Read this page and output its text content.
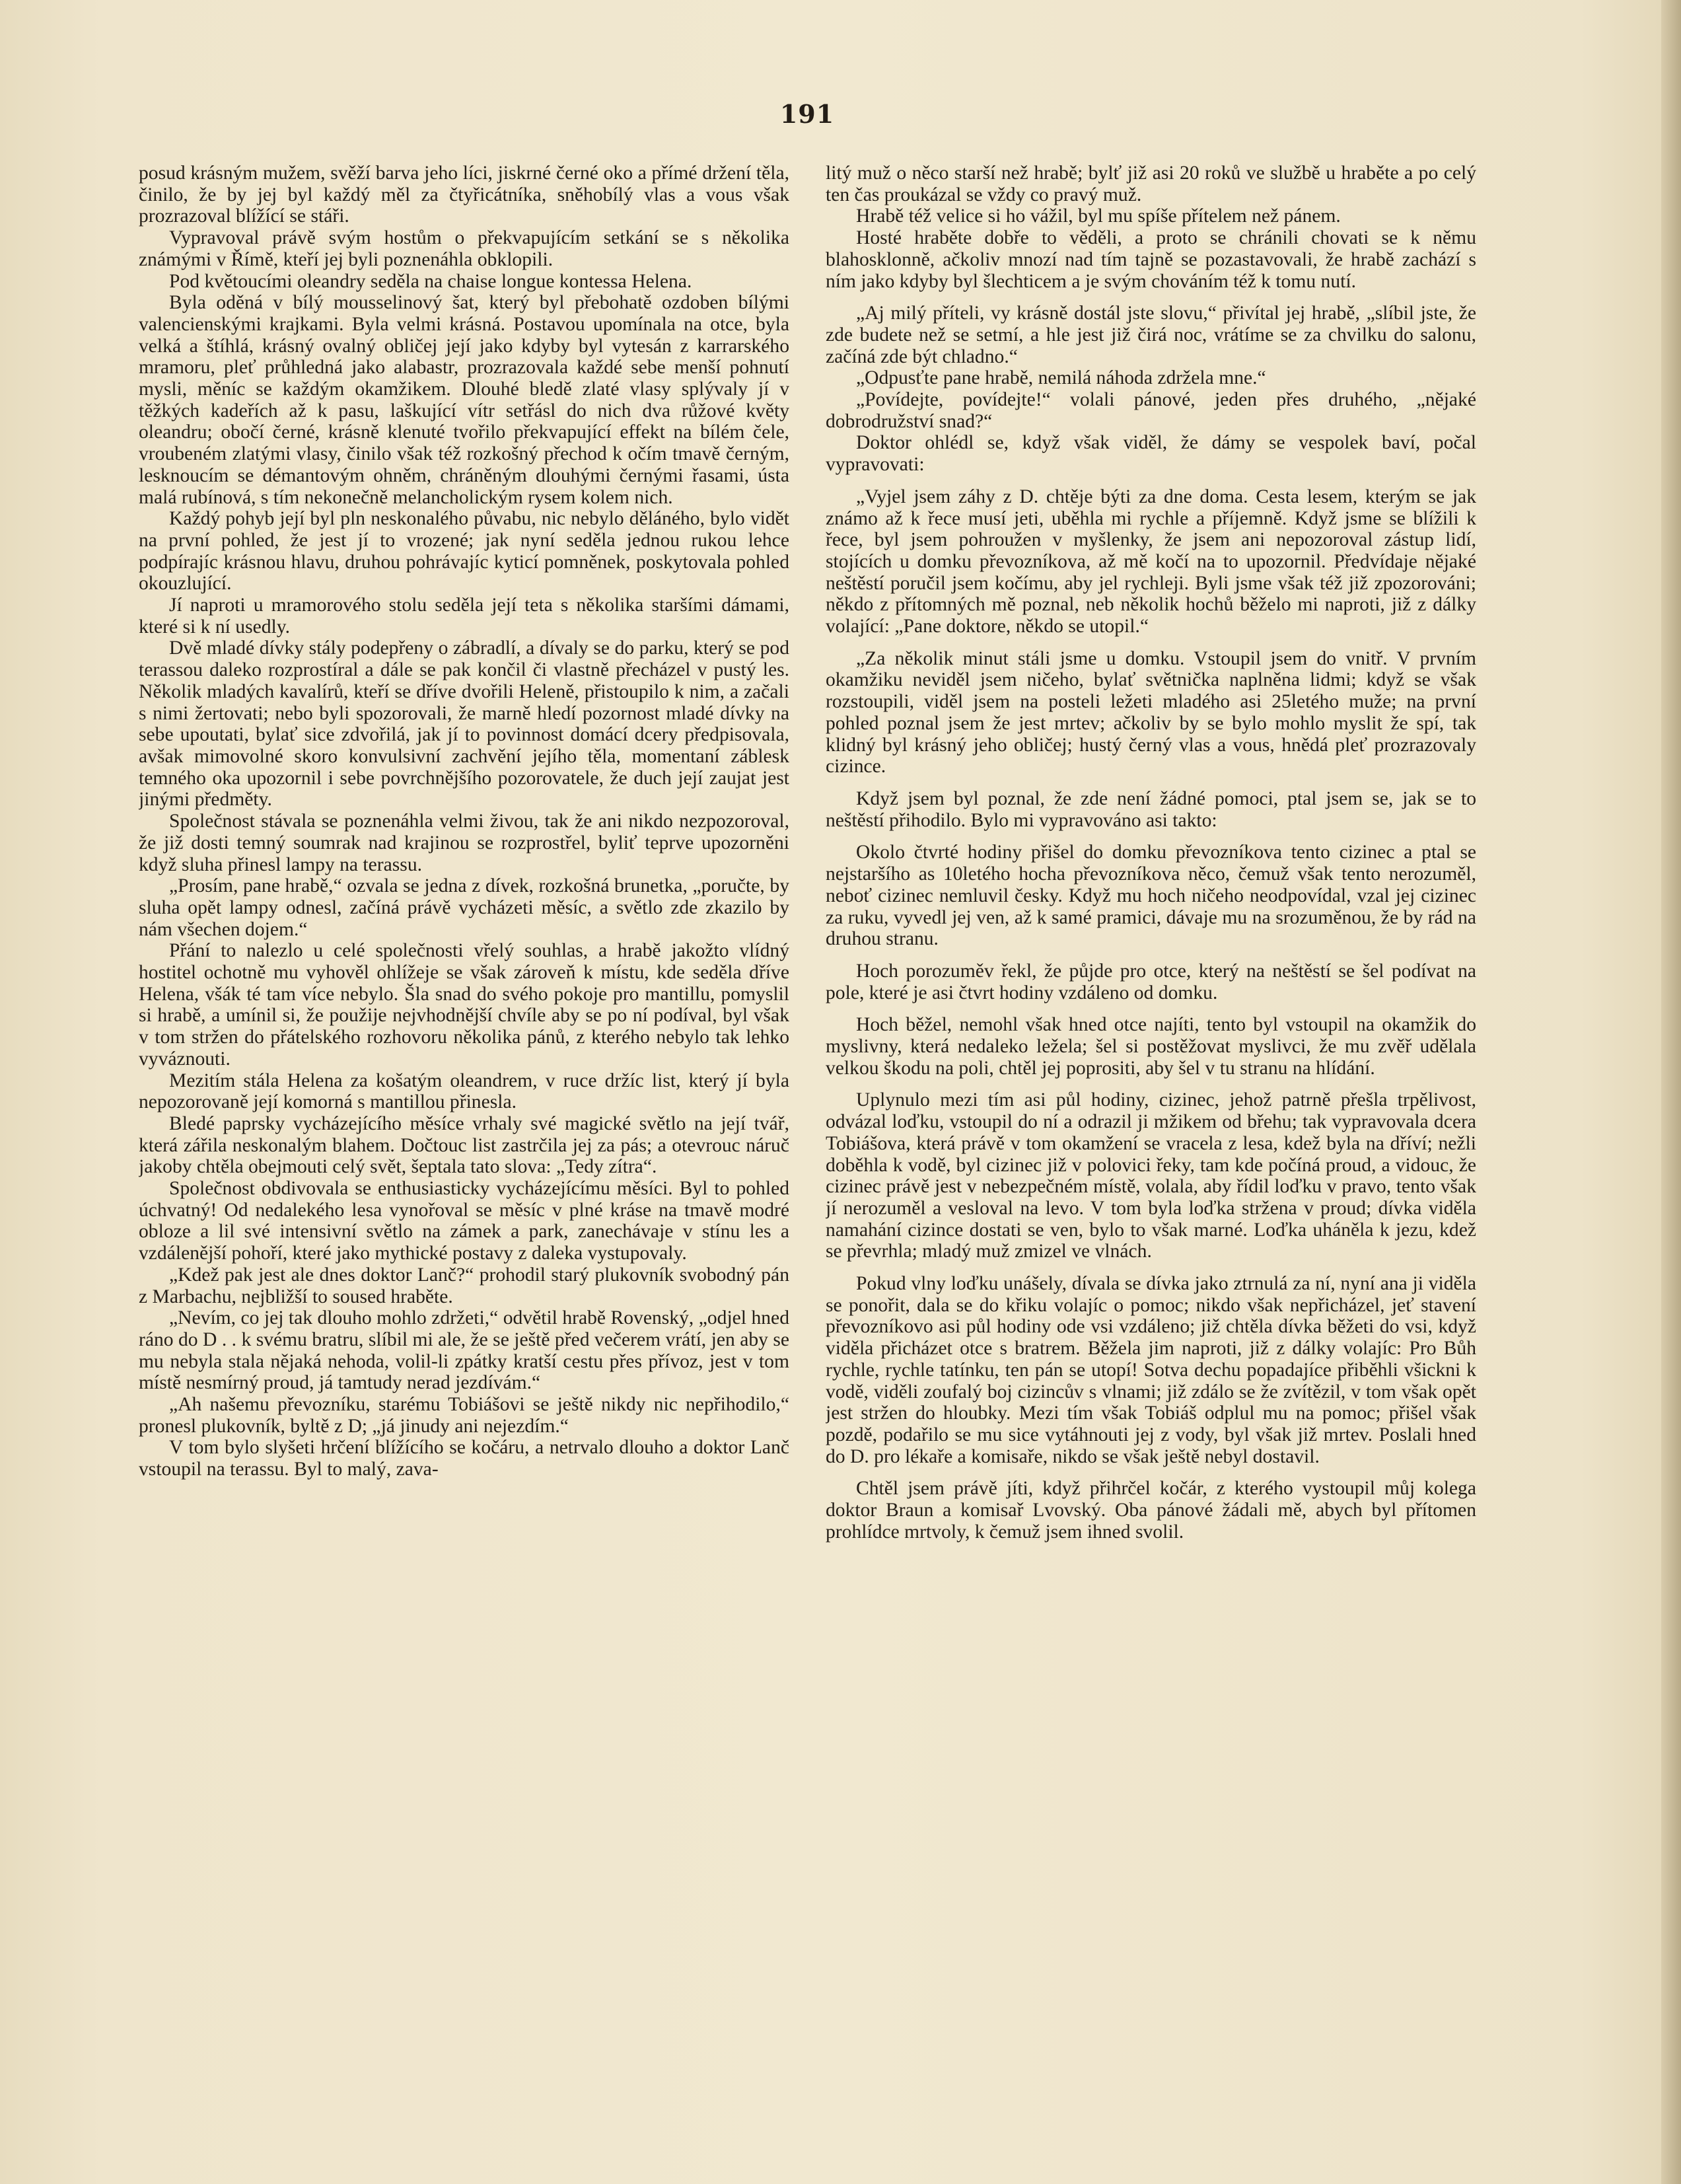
191

posud krásným mužem, svěží barva jeho líci, jiskrné černé oko a přímé držení těla, činilo, že by jej byl každý měl za čtyřicátníka, sněhobílý vlas a vous však prozrazoval blížící se stáři.

Vypravoval právě svým hostům o překvapujícím setkání se s několika známými v Římě, kteří jej byli poznenáhla obklopili.

Pod květoucími oleandry seděla na chaise longue kontessa Helena.

Byla oděná v bílý mousselinový šat, který byl přebohatě ozdoben bílými valencienskými krajkami. Byla velmi krásná. Postavou upomínala na otce, byla velká a štíhlá, krásný ovalný obličej její jako kdyby byl vytesán z karrarského mramoru, pleť průhledná jako alabastr, prozrazovala každé sebe menší pohnutí mysli, měníc se každým okamžikem. Dlouhé bledě zlaté vlasy splývaly jí v těžkých kadeřích až k pasu, laškující vítr setřásl do nich dva růžové květy oleandru; obočí černé, krásně klenuté tvořilo překvapující effekt na bílém čele, vroubeném zlatými vlasy, činilo však též rozkošný přechod k očím tmavě černým, lesknoucím se démantovým ohněm, chráněným dlouhými černými řasami, ústa malá rubínová, s tím nekonečně melancholickým rysem kolem nich.

Každý pohyb její byl pln neskonalého půvabu, nic nebylo děláného, bylo vidět na první pohled, že jest jí to vrozené; jak nyní seděla jednou rukou lehce podpírajíc krásnou hlavu, druhou pohrávajíc kyticí pomněnek, poskytovala pohled okouzlující.

Jí naproti u mramorového stolu seděla její teta s několika staršími dámami, které si k ní usedly.

Dvě mladé dívky stály podepřeny o zábradlí, a dívaly se do parku, který se pod terassou daleko rozprostíral a dále se pak končil či vlastně přecházel v pustý les. Několik mladých kavalírů, kteří se dříve dvořili Heleně, přistoupilo k nim, a začali s nimi žertovati; nebo byli spozorovali, že marně hledí pozornost mladé dívky na sebe upoutati, bylať sice zdvořilá, jak jí to povinnost domácí dcery předpisovala, avšak mimovolné skoro konvulsivní zachvění jejího těla, momentaní záblesk temného oka upozornil i sebe povrchnějšího pozorovatele, že duch její zaujat jest jinými předměty.

Společnost stávala se poznenáhla velmi živou, tak že ani nikdo nezpozoroval, že již dosti temný soumrak nad krajinou se rozprostřel, byliť teprve upozorněni když sluha přinesl lampy na terassu.

„Prosím, pane hrabě,“ ozvala se jedna z dívek, rozkošná brunetka, „poručte, by sluha opět lampy odnesl, začíná právě vycházeti měsíc, a světlo zde zkazilo by nám všechen dojem.“

Přání to nalezlo u celé společnosti vřelý souhlas, a hrabě jakožto vlídný hostitel ochotně mu vyhověl ohlížeje se však zároveň k místu, kde seděla dříve Helena, všák té tam více nebylo. Šla snad do svého pokoje pro mantillu, pomyslil si hrabě, a umínil si, že použije nejvhodnější chvíle aby se po ní podíval, byl však v tom stržen do přátelského rozhovoru několika pánů, z kterého nebylo tak lehko vyváznouti.

Mezitím stála Helena za košatým oleandrem, v ruce držíc list, který jí byla nepozorovaně její komorná s mantillou přinesla.

Bledé paprsky vycházejícího měsíce vrhaly své magické světlo na její tvář, která zářila neskonalým blahem. Dočtouc list zastrčila jej za pás; a otevrouc náruč jakoby chtěla obejmouti celý svět, šeptala tato slova: „Tedy zítra“.

Společnost obdivovala se enthusiasticky vycházejícímu měsíci. Byl to pohled úchvatný! Od nedalekého lesa vynořoval se měsíc v plné kráse na tmavě modré obloze a lil své intensivní světlo na zámek a park, zanechávaje v stínu les a vzdálenější pohoří, které jako mythické postavy z daleka vystupovaly.

„Kdež pak jest ale dnes doktor Lanč?“ prohodil starý plukovník svobodný pán z Marbachu, nejbližší to soused hraběte.

„Nevím, co jej tak dlouho mohlo zdržeti,“ odvětil hrabě Rovenský, „odjel hned ráno do D . . k svému bratru, slíbil mi ale, že se ještě před večerem vrátí, jen aby se mu nebyla stala nějaká nehoda, volil-li zpátky kratší cestu přes přívoz, jest v tom místě nesmírný proud, já tamtudy nerad jezdívám.“

„Ah našemu převozníku, starému Tobiášovi se ještě nikdy nic nepřihodilo,“ pronesl plukovník, byltě z D; „já jinudy ani nejezdím.“

V tom bylo slyšeti hrčení blížícího se kočáru, a netrvalo dlouho a doktor Lanč vstoupil na terassu. Byl to malý, zava-

litý muž o něco starší než hrabě; bylť již asi 20 roků ve službě u hraběte a po celý ten čas proukázal se vždy co pravý muž.

Hrabě též velice si ho vážil, byl mu spíše přítelem než pánem.

Hosté hraběte dobře to věděli, a proto se chránili chovati se k němu blahosklonně, ačkoliv mnozí nad tím tajně se pozastavovali, že hrabě zachází s ním jako kdyby byl šlechticem a je svým chováním též k tomu nutí.

„Aj milý příteli, vy krásně dostál jste slovu,“ přivítal jej hrabě, „slíbil jste, že zde budete než se setmí, a hle jest již čirá noc, vrátíme se za chvilku do salonu, začíná zde být chladno.“

„Odpusťte pane hrabě, nemilá náhoda zdržela mne.“

„Povídejte, povídejte!“ volali pánové, jeden přes druhého, „nějaké dobrodružství snad?“

Doktor ohlédl se, když však viděl, že dámy se vespolek baví, počal vypravovati:

„Vyjel jsem záhy z D. chtěje býti za dne doma. Cesta lesem, kterým se jak známo až k řece musí jeti, uběhla mi rychle a příjemně. Když jsme se blížili k řece, byl jsem pohroužen v myšlenky, že jsem ani nepozoroval zástup lidí, stojících u domku převozníkova, až mě kočí na to upozornil. Předvídaje nějaké neštěstí poručil jsem kočímu, aby jel rychleji. Byli jsme však též již zpozorováni; někdo z přítomných mě poznal, neb několik hochů běželo mi naproti, již z dálky volající: „Pane doktore, někdo se utopil.“

„Za několik minut stáli jsme u domku. Vstoupil jsem do vnitř. V prvním okamžiku neviděl jsem ničeho, bylať světnička naplněna lidmi; když se však rozstoupili, viděl jsem na posteli ležeti mladého asi 25letého muže; na první pohled poznal jsem že jest mrtev; ačkoliv by se bylo mohlo myslit že spí, tak klidný byl krásný jeho obličej; hustý černý vlas a vous, hnědá pleť prozrazovaly cizince.

Když jsem byl poznal, že zde není žádné pomoci, ptal jsem se, jak se to neštěstí přihodilo. Bylo mi vypravováno asi takto:

Okolo čtvrté hodiny přišel do domku převozníkova tento cizinec a ptal se nejstaršího as 10letého hocha převozníkova něco, čemuž však tento nerozuměl, neboť cizinec nemluvil česky. Když mu hoch ničeho neodpovídal, vzal jej cizinec za ruku, vyvedl jej ven, až k samé pramici, dávaje mu na srozuměnou, že by rád na druhou stranu.

Hoch porozuměv řekl, že půjde pro otce, který na neštěstí se šel podívat na pole, které je asi čtvrt hodiny vzdáleno od domku.

Hoch běžel, nemohl však hned otce najíti, tento byl vstoupil na okamžik do myslivny, která nedaleko ležela; šel si postěžovat myslivci, že mu zvěř udělala velkou škodu na poli, chtěl jej poprositi, aby šel v tu stranu na hlídání.

Uplynulo mezi tím asi půl hodiny, cizinec, jehož patrně přešla trpělivost, odvázal loďku, vstoupil do ní a odrazil ji mžikem od břehu; tak vypravovala dcera Tobiášova, která právě v tom okamžení se vracela z lesa, kdež byla na dříví; nežli doběhla k vodě, byl cizinec již v polovici řeky, tam kde počíná proud, a vidouc, že cizinec právě jest v nebezpečném místě, volala, aby řídil loďku v pravo, tento však jí nerozuměl a vesloval na levo. V tom byla loďka stržena v proud; dívka viděla namahání cizince dostati se ven, bylo to však marné. Loďka uháněla k jezu, kdež se převrhla; mladý muž zmizel ve vlnách.

Pokud vlny loďku unášely, dívala se dívka jako ztrnulá za ní, nyní ana ji viděla se ponořit, dala se do křiku volajíc o pomoc; nikdo však nepřicházel, jeť stavení převozníkovo asi půl hodiny ode vsi vzdáleno; již chtěla dívka běžeti do vsi, když viděla přicházet otce s bratrem. Běžela jim naproti, již z dálky volajíc: Pro Bůh rychle, rychle tatínku, ten pán se utopí! Sotva dechu popadajíce přiběhli všickni k vodě, viděli zoufalý boj cizincův s vlnami; již zdálo se že zvítězil, v tom však opět jest stržen do hloubky. Mezi tím však Tobiáš odplul mu na pomoc; přišel však pozdě, podařilo se mu sice vytáhnouti jej z vody, byl však již mrtev. Poslali hned do D. pro lékaře a komisaře, nikdo se však ještě nebyl dostavil.

Chtěl jsem právě jíti, když přihrčel kočár, z kterého vystoupil můj kolega doktor Braun a komisař Lvovský. Oba pánové žádali mě, abych byl přítomen prohlídce mrtvoly, k čemuž jsem ihned svolil.
